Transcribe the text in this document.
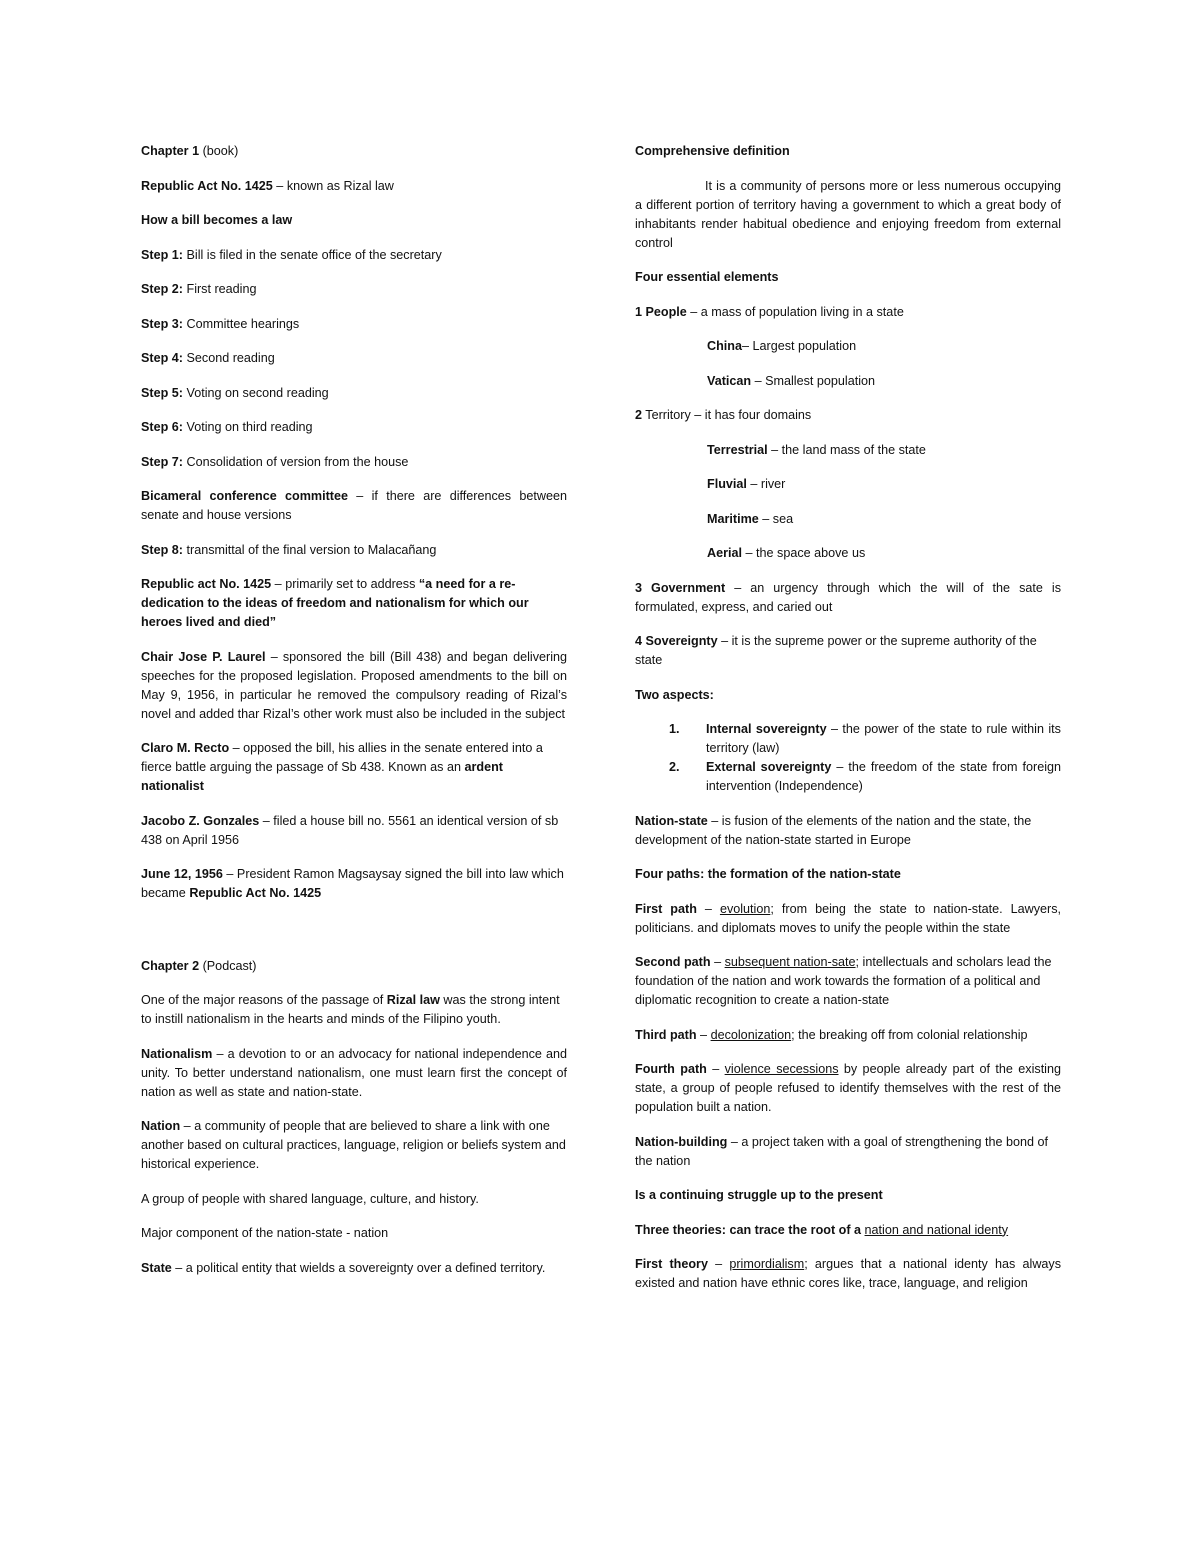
Chapter 1 (book)

Republic Act No. 1425 – known as Rizal law

How a bill becomes a law

Step 1: Bill is filed in the senate office of the secretary

Step 2: First reading

Step 3: Committee hearings

Step 4: Second reading

Step 5: Voting on second reading

Step 6: Voting on third reading

Step 7: Consolidation of version from the house

Bicameral conference committee – if there are differences between senate and house versions

Step 8: transmittal of the final version to Malacañang

Republic act No. 1425 – primarily set to address “a need for a re-dedication to the ideas of freedom and nationalism for which our heroes lived and died”

Chair Jose P. Laurel – sponsored the bill (Bill 438) and began delivering speeches for the proposed legislation. Proposed amendments to the bill on May 9, 1956, in particular he removed the compulsory reading of Rizal’s novel and added thar Rizal’s other work must also be included in the subject

Claro M. Recto – opposed the bill, his allies in the senate entered into a fierce battle arguing the passage of Sb 438. Known as an ardent nationalist

Jacobo Z. Gonzales – filed a house bill no. 5561 an identical version of sb 438 on April 1956

June 12, 1956 – President Ramon Magsaysay signed the bill into law which became Republic Act No. 1425

Chapter 2 (Podcast)

One of the major reasons of the passage of Rizal law was the strong intent to instill nationalism in the hearts and minds of the Filipino youth.

Nationalism – a devotion to or an advocacy for national independence and unity. To better understand nationalism, one must learn first the concept of nation as well as state and nation-state.

Nation – a community of people that are believed to share a link with one another based on cultural practices, language, religion or beliefs system and historical experience.

A group of people with shared language, culture, and history.

Major component of the nation-state - nation

State – a political entity that wields a sovereignty over a defined territory.

Comprehensive definition

It is a community of persons more or less numerous occupying a different portion of territory having a government to which a great body of inhabitants render habitual obedience and enjoying freedom from external control

Four essential elements

1 People – a mass of population living in a state

China– Largest population

Vatican – Smallest population

2 Territory – it has four domains

Terrestrial – the land mass of the state

Fluvial – river

Maritime – sea

Aerial – the space above us

3 Government – an urgency through which the will of the sate is formulated, express, and caried out

4 Sovereignty – it is the supreme power or the supreme authority of the state

Two aspects:

1. Internal sovereignty – the power of the state to rule within its territory (law)
2. External sovereignty – the freedom of the state from foreign intervention (Independence)

Nation-state – is fusion of the elements of the nation and the state, the development of the nation-state started in Europe

Four paths: the formation of the nation-state

First path – evolution; from being the state to nation-state. Lawyers, politicians. and diplomats moves to unify the people within the state

Second path – subsequent nation-sate; intellectuals and scholars lead the foundation of the nation and work towards the formation of a political and diplomatic recognition to create a nation-state

Third path – decolonization; the breaking off from colonial relationship

Fourth path – violence secessions by people already part of the existing state, a group of people refused to identify themselves with the rest of the population built a nation.

Nation-building – a project taken with a goal of strengthening the bond of the nation

Is a continuing struggle up to the present

Three theories: can trace the root of a nation and national identy

First theory – primordialism; argues that a national identy has always existed and nation have ethnic cores like, trace, language, and religion
